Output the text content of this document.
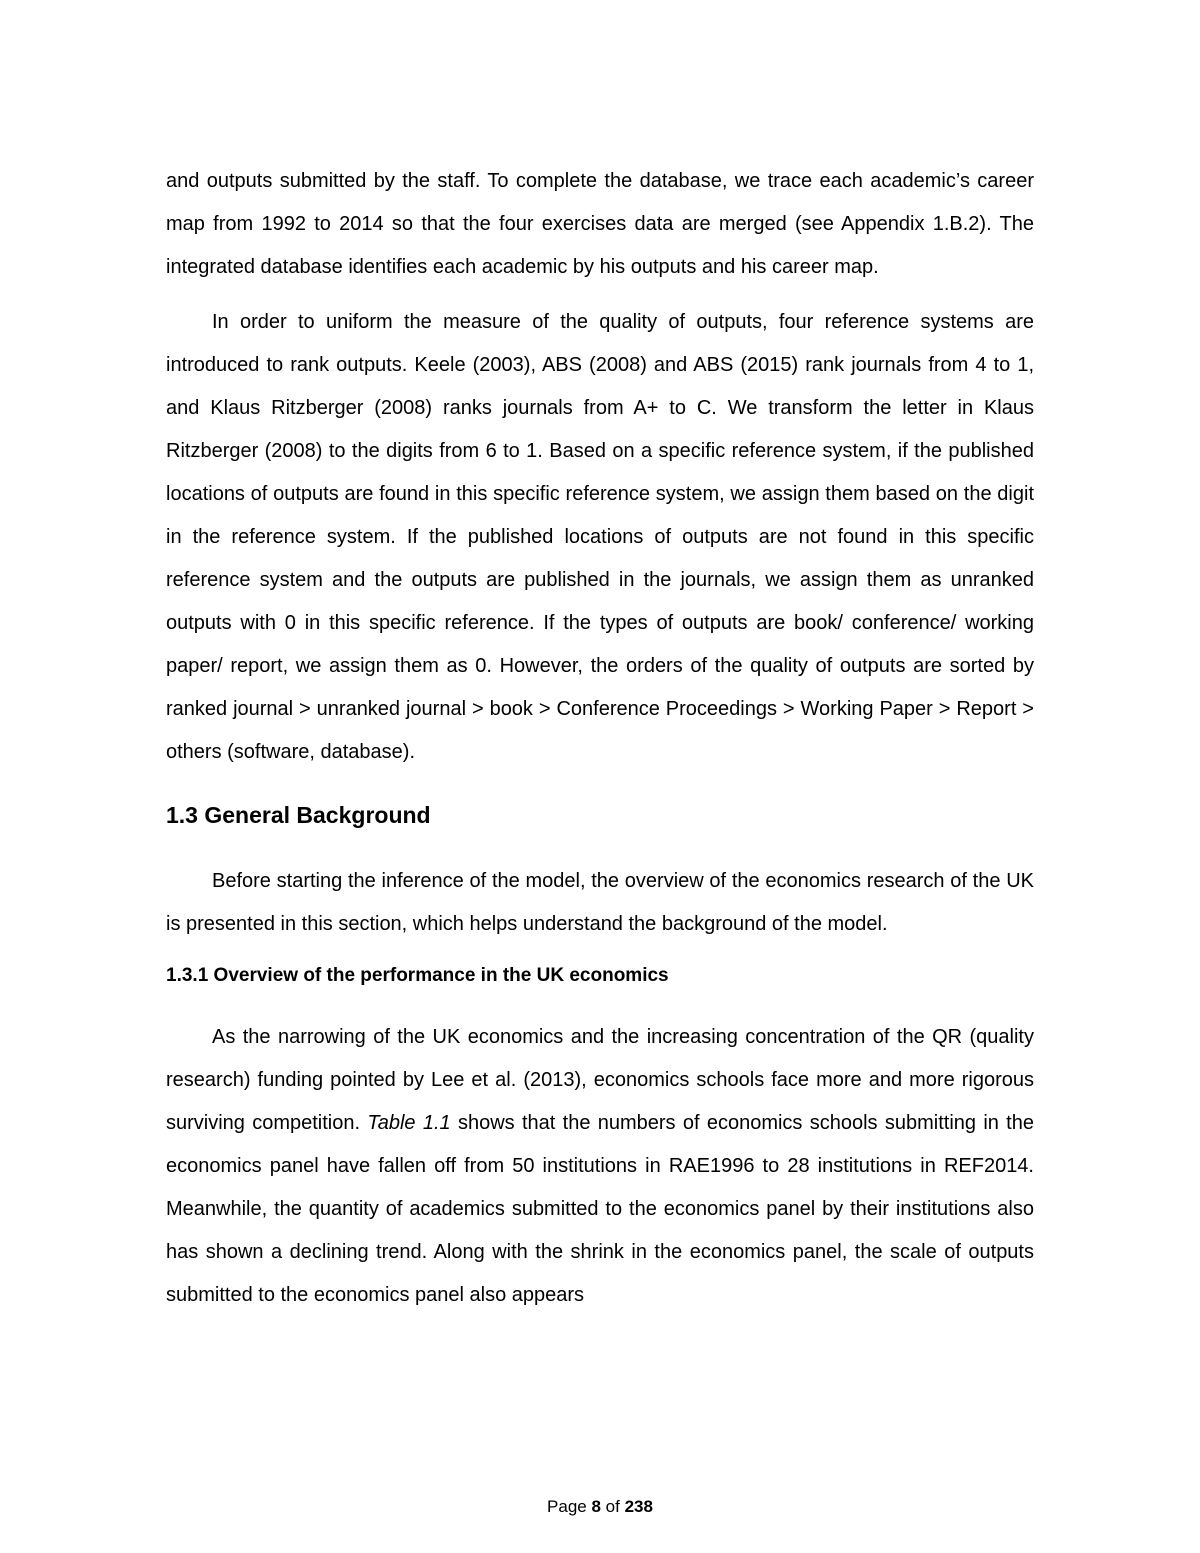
and outputs submitted by the staff. To complete the database, we trace each academic’s career map from 1992 to 2014 so that the four exercises data are merged (see Appendix 1.B.2). The integrated database identifies each academic by his outputs and his career map.

In order to uniform the measure of the quality of outputs, four reference systems are introduced to rank outputs. Keele (2003), ABS (2008) and ABS (2015) rank journals from 4 to 1, and Klaus Ritzberger (2008) ranks journals from A+ to C. We transform the letter in Klaus Ritzberger (2008) to the digits from 6 to 1. Based on a specific reference system, if the published locations of outputs are found in this specific reference system, we assign them based on the digit in the reference system. If the published locations of outputs are not found in this specific reference system and the outputs are published in the journals, we assign them as unranked outputs with 0 in this specific reference. If the types of outputs are book/ conference/ working paper/ report, we assign them as 0. However, the orders of the quality of outputs are sorted by ranked journal > unranked journal > book > Conference Proceedings > Working Paper > Report > others (software, database).

1.3 General Background

Before starting the inference of the model, the overview of the economics research of the UK is presented in this section, which helps understand the background of the model.

1.3.1 Overview of the performance in the UK economics

As the narrowing of the UK economics and the increasing concentration of the QR (quality research) funding pointed by Lee et al. (2013), economics schools face more and more rigorous surviving competition. Table 1.1 shows that the numbers of economics schools submitting in the economics panel have fallen off from 50 institutions in RAE1996 to 28 institutions in REF2014. Meanwhile, the quantity of academics submitted to the economics panel by their institutions also has shown a declining trend. Along with the shrink in the economics panel, the scale of outputs submitted to the economics panel also appears

Page 8 of 238
